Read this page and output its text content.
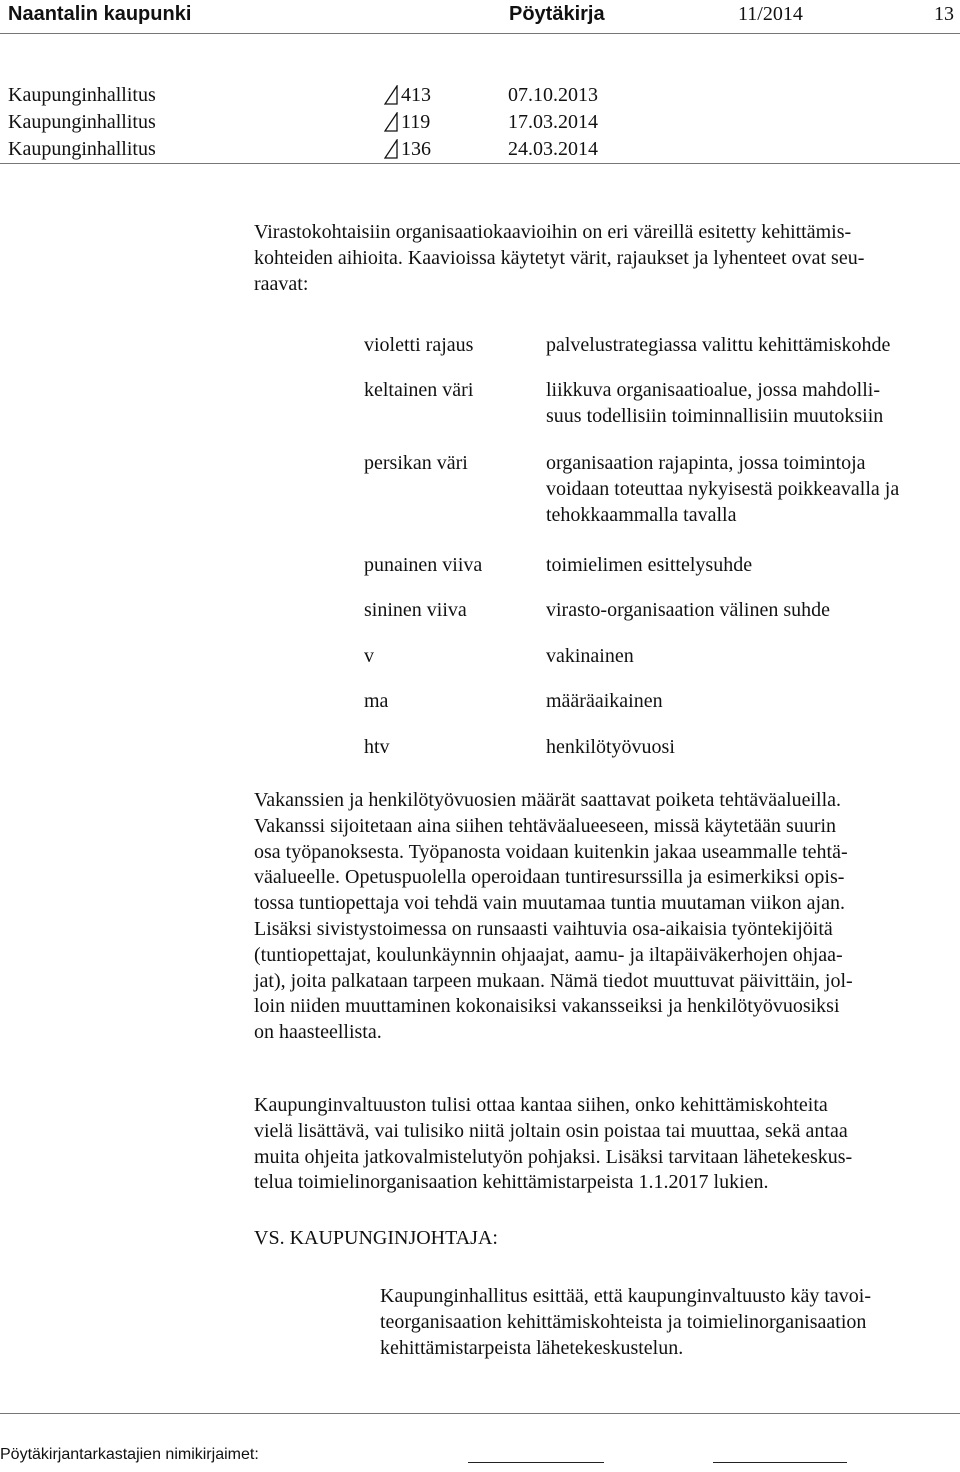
Naantalin kaupunki	Pöytäkirja	11/2014	13
Kaupunginhallitus	413	07.10.2013
Kaupunginhallitus	119	17.03.2014
Kaupunginhallitus	136	24.03.2014

Virastokohtaisiin organisaatiokaavioihin on eri väreillä esitetty kehittämis-
kohteiden aihioita. Kaavioissa käytetyt värit, rajaukset ja lyhenteet ovat seu-
raavat:

violetti rajaus	palvelustrategiassa valittu kehittämiskohde
keltainen väri	liikkuva organisaatioalue, jossa mahdolli-
suus todellisiin toiminnallisiin muutoksiin
persikan väri	organisaation rajapinta, jossa toimintoja
voidaan toteuttaa nykyisestä poikkeavalla ja
tehokkaammalla tavalla
punainen viiva	toimielimen esittelysuhde
sininen viiva	virasto-organisaation välinen suhde
v	vakinainen
ma	määräaikainen
htv	henkilötyövuosi

Vakanssien ja henkilötyövuosien määrät saattavat poiketa tehtäväalueilla.
Vakanssi sijoitetaan aina siihen tehtäväalueeseen, missä käytetään suurin
osa työpanoksesta. Työpanosta voidaan kuitenkin jakaa useammalle tehtä-
väalueelle. Opetuspuolella operoidaan tuntiresurssilla ja esimerkiksi opis-
tossa tuntiopettaja voi tehdä vain muutamaa tuntia muutaman viikon ajan.
Lisäksi sivistystoimessa on runsaasti vaihtuvia osa-aikaisia työntekijöitä
(tuntiopettajat, koulunkäynnin ohjaajat, aamu- ja iltapäiväkerhojen ohjaa-
jat), joita palkataan tarpeen mukaan. Nämä tiedot muuttuvat päivittäin, jol-
loin niiden muuttaminen kokonaisiksi vakansseiksi ja henkilötyövuosiksi
on haasteellista.

Kaupunginvaltuuston tulisi ottaa kantaa siihen, onko kehittämiskohteita
vielä lisättävä, vai tulisiko niitä joltain osin poistaa tai muuttaa, sekä antaa
muita ohjeita jatkovalmistelutyön pohjaksi. Lisäksi tarvitaan lähetekeskus-
telua toimielinorganisaation kehittämistarpeista 1.1.2017 lukien.

VS. KAUPUNGINJOHTAJA:

Kaupunginhallitus esittää, että kaupunginvaltuusto käy tavoi-
teorganisaation kehittämiskohteista ja toimielinorganisaation
kehittämistarpeista lähetekeskustelun.

Pöytäkirjantarkastajien nimikirjaimet:
